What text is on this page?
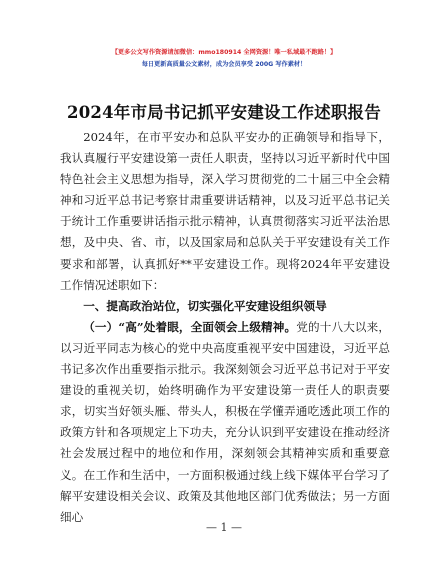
【更多公文写作资源请加微信：mmo180914 全网资源！唯一私域最不跑路！】
每日更新高质量公文素材，成为会员享受 200G 写作素材！
2024年市局书记抓平安建设工作述职报告

2024年，在市平安办和总队平安办的正确领导和指导下，我认真履行平安建设第一责任人职责，坚持以习近平新时代中国特色社会主义思想为指导，深入学习贯彻党的二十届三中全会精神和习近平总书记考察甘肃重要讲话精神，以及习近平总书记关于统计工作重要讲话指示批示精神，认真贯彻落实习近平法治思想，及中央、省、市，以及国家局和总队关于平安建设有关工作要求和部署，认真抓好**平安建设工作。现将2024年平安建设工作情况述职如下：

一、提高政治站位，切实强化平安建设组织领导

（一）“高”处着眼，全面领会上级精神。党的十八大以来，以习近平同志为核心的党中央高度重视平安中国建设，习近平总书记多次作出重要指示批示。我深刻领会习近平总书记对于平安建设的重视关切，始终明确作为平安建设第一责任人的职责要求，切实当好领头雁、带头人，积极在学懂弄通吃透此项工作的政策方针和各项规定上下功夫，充分认识到平安建设在推动经济社会发展过程中的地位和作用，深刻领会其精神实质和重要意义。在工作和生活中，一方面积极通过线上线下媒体平台学习了解平安建设相关会议、政策及其他地区部门优秀做法；另一方面细心

— 1 —
